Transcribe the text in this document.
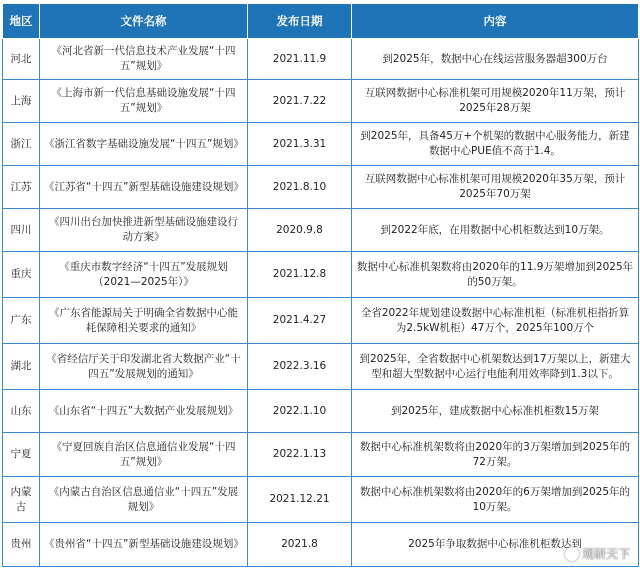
地区	文件名称	发布日期	内容
河北	《河北省新一代信息技术产业发展“十四五”规划》	2021.11.9	到2025年，数据中心在线运营服务器超300万台
上海	《上海市新一代信息基础设施发展“十四五”规划》	2021.7.22	互联网数据中心标准机架可用规模2020年11万架，预计2025年28万架
浙江	《浙江省数字基础设施发展“十四五”规划》	2021.3.31	到2025年，具备45万+个机架的数据中心服务能力，新建数据中心PUE值不高于1.4。
江苏	《江苏省“十四五”新型基础设施建设规划》	2021.8.10	互联网数据中心标准机架可用规模2020年35万架，预计2025年70万架
四川	《四川出台加快推进新型基础设施建设行动方案》	2020.9.8	到2022年底，在用数据中心机柜数达到10万架。
重庆	《重庆市数字经济“十四五”发展规划（2021—2025年）》	2021.12.8	数据中心标准机架数将由2020年的11.9万架增加到2025年的50万架。
广东	《广东省能源局关于明确全省数据中心能耗保障相关要求的通知》	2021.4.27	全省2022年规划建设数据中心标准机柜（标准机柜指折算为2.5kW机柜）47万个，2025年100万个
湖北	《省经信厅关于印发湖北省大数据产业“十四五”发展规划的通知》	2022.3.16	到2025年，全省数据中心机架数达到17万架以上，新建大型和超大型数据中心运行电能利用效率降到1.3以下。
山东	《山东省“十四五”大数据产业发展规划》	2022.1.10	到2025年，建成数据中心标准机柜数15万架
宁夏	《宁夏回族自治区信息通信业发展“十四五”规划》	2022.1.13	数据中心标准机架数将由2020年的3万架增加到2025年的72万架。
内蒙古	《内蒙古自治区信息通信业“十四五”发展规划》	2021.12.21	数据中心标准机架数将由2020年的6万架增加到2025年的10万架。
贵州	《贵州省“十四五”新型基础设施建设规划》	2021.8	2025年争取数据中心标准机柜数达到
观研天下
